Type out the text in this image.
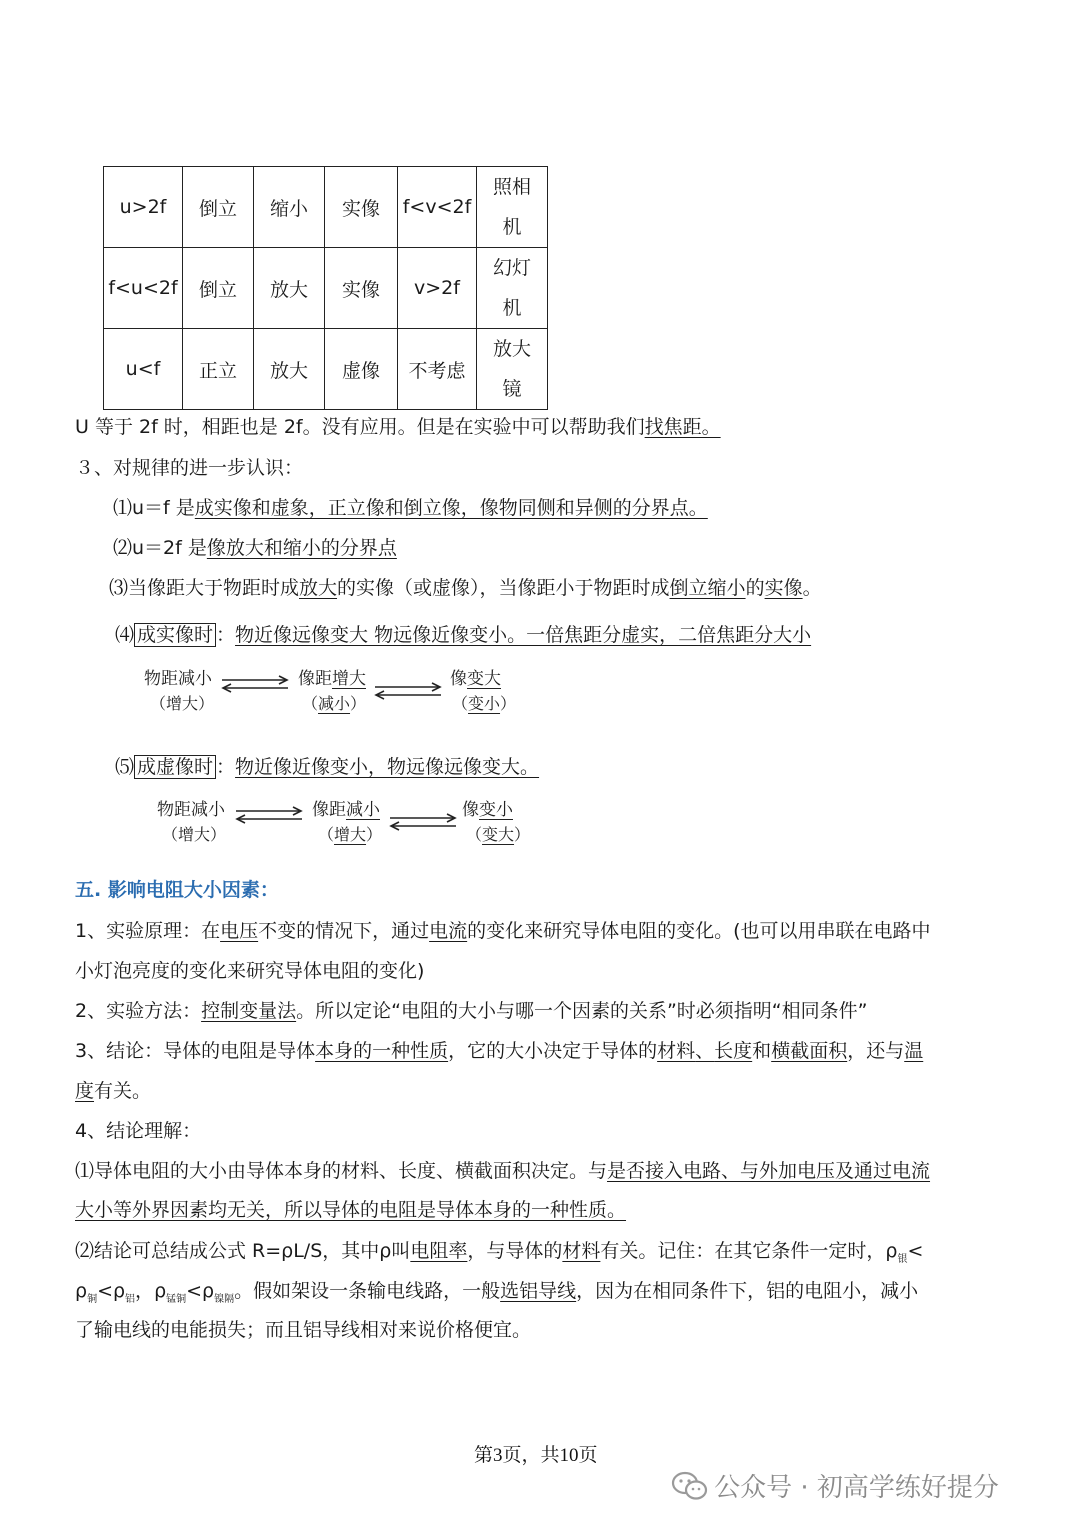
u>2f	倒立	缩小	实像	f<v<2f	照相
机

f<u<2f	倒立	放大	实像	v>2f	幻灯
机

u<f	正立	放大	虚像	不考虑	放大
镜
U 等于 2f 时，相距也是 2f。没有应用。但是在实验中可以帮助我们找焦距。
３、对规律的进一步认识：
⑴u＝f 是成实像和虚象，正立像和倒立像，像物同侧和异侧的分界点。
⑵u＝2f 是像放大和缩小的分界点
⑶当像距大于物距时成放大的实像（或虚像），当像距小于物距时成倒立缩小的实像。
⑷ 成实像时 ：物近像远像变大 物远像近像变小。一倍焦距分虚实，二倍焦距分大小
物距减小
（增大）
像距增大
（减小）
像变大
（变小）
⑸ 成虚像时 ：物近像近像变小，物远像远像变大。
物距减小
（增大）
像距减小
（增大）
像变小
（变大）
五. 影响电阻大小因素：
1、实验原理：在电压不变的情况下，通过电流的变化来研究导体电阻的变化。(也可以用串联在电路中
小灯泡亮度的变化来研究导体电阻的变化)
2、实验方法：控制变量法。所以定论“电阻的大小与哪一个因素的关系”时必须指明“相同条件”
3、结论：导体的电阻是导体本身的一种性质，它的大小决定于导体的材料、长度和横截面积，还与温
度有关。
4、结论理解：
⑴导体电阻的大小由导体本身的材料、长度、横截面积决定。与是否接入电路、与外加电压及通过电流
大小等外界因素均无关，所以导体的电阻是导体本身的一种性质。
⑵结论可总结成公式 R=ρL/S，其中ρ叫电阻率，与导体的材料有关。记住：在其它条件一定时，$\rho_银<$
$\rho_铜<\rho_铝$，$\rho_{锰铜}<\rho_{镍隔}$。假如架设一条输电线路，一般选铝导线，因为在相同条件下，铝的电阻小，减小
了输电线的电能损失；而且铝导线相对来说价格便宜。
第3页，共10页
公众号 · 初高学练好提分
